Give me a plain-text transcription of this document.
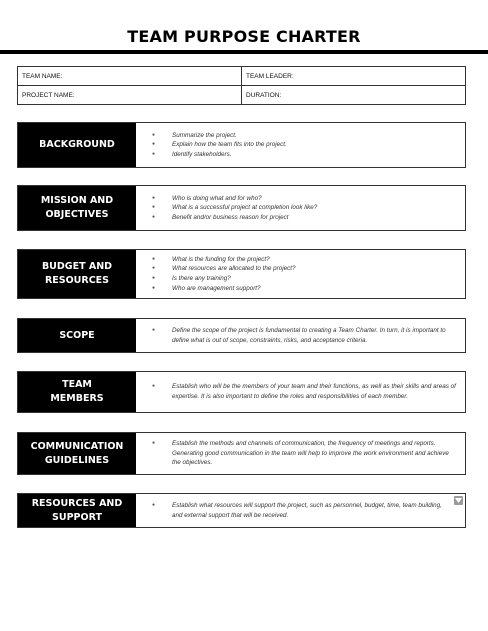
TEAM PURPOSE CHARTER
TEAM NAME:	TEAM LEADER:
PROJECT NAME:	DURATION:
BACKGROUND
● Summarize the project.
● Explain how the team fits into the project.
● Identify stakeholders.
MISSION AND
OBJECTIVES
● Who is doing what and for who?
● What is a successful project at completion look like?
● Benefit and/or business reason for project
BUDGET AND
RESOURCES
● What is the funding for the project?
● What resources are allocated to the project?
● Is there any training?
● Who are management support?
SCOPE	● Define the scope of the project is fundamental to creating a Team Charter. In turn, it is important to define what is out of scope, constraints, risks, and acceptance criteria.
TEAM
MEMBERS
● Establish who will be the members of your team and their functions, as well as their skills and areas of expertise. It is also important to define the roles and responsibilities of each member.
COMMUNICATION
GUIDELINES
● Establish the methods and channels of communication, the frequency of meetings and reports. Generating good communication in the team will help to improve the work environment and achieve the objectives.
RESOURCES AND
SUPPORT
● Establish what resources will support the project, such as personnel, budget, time, team building, and external support that will be received.
